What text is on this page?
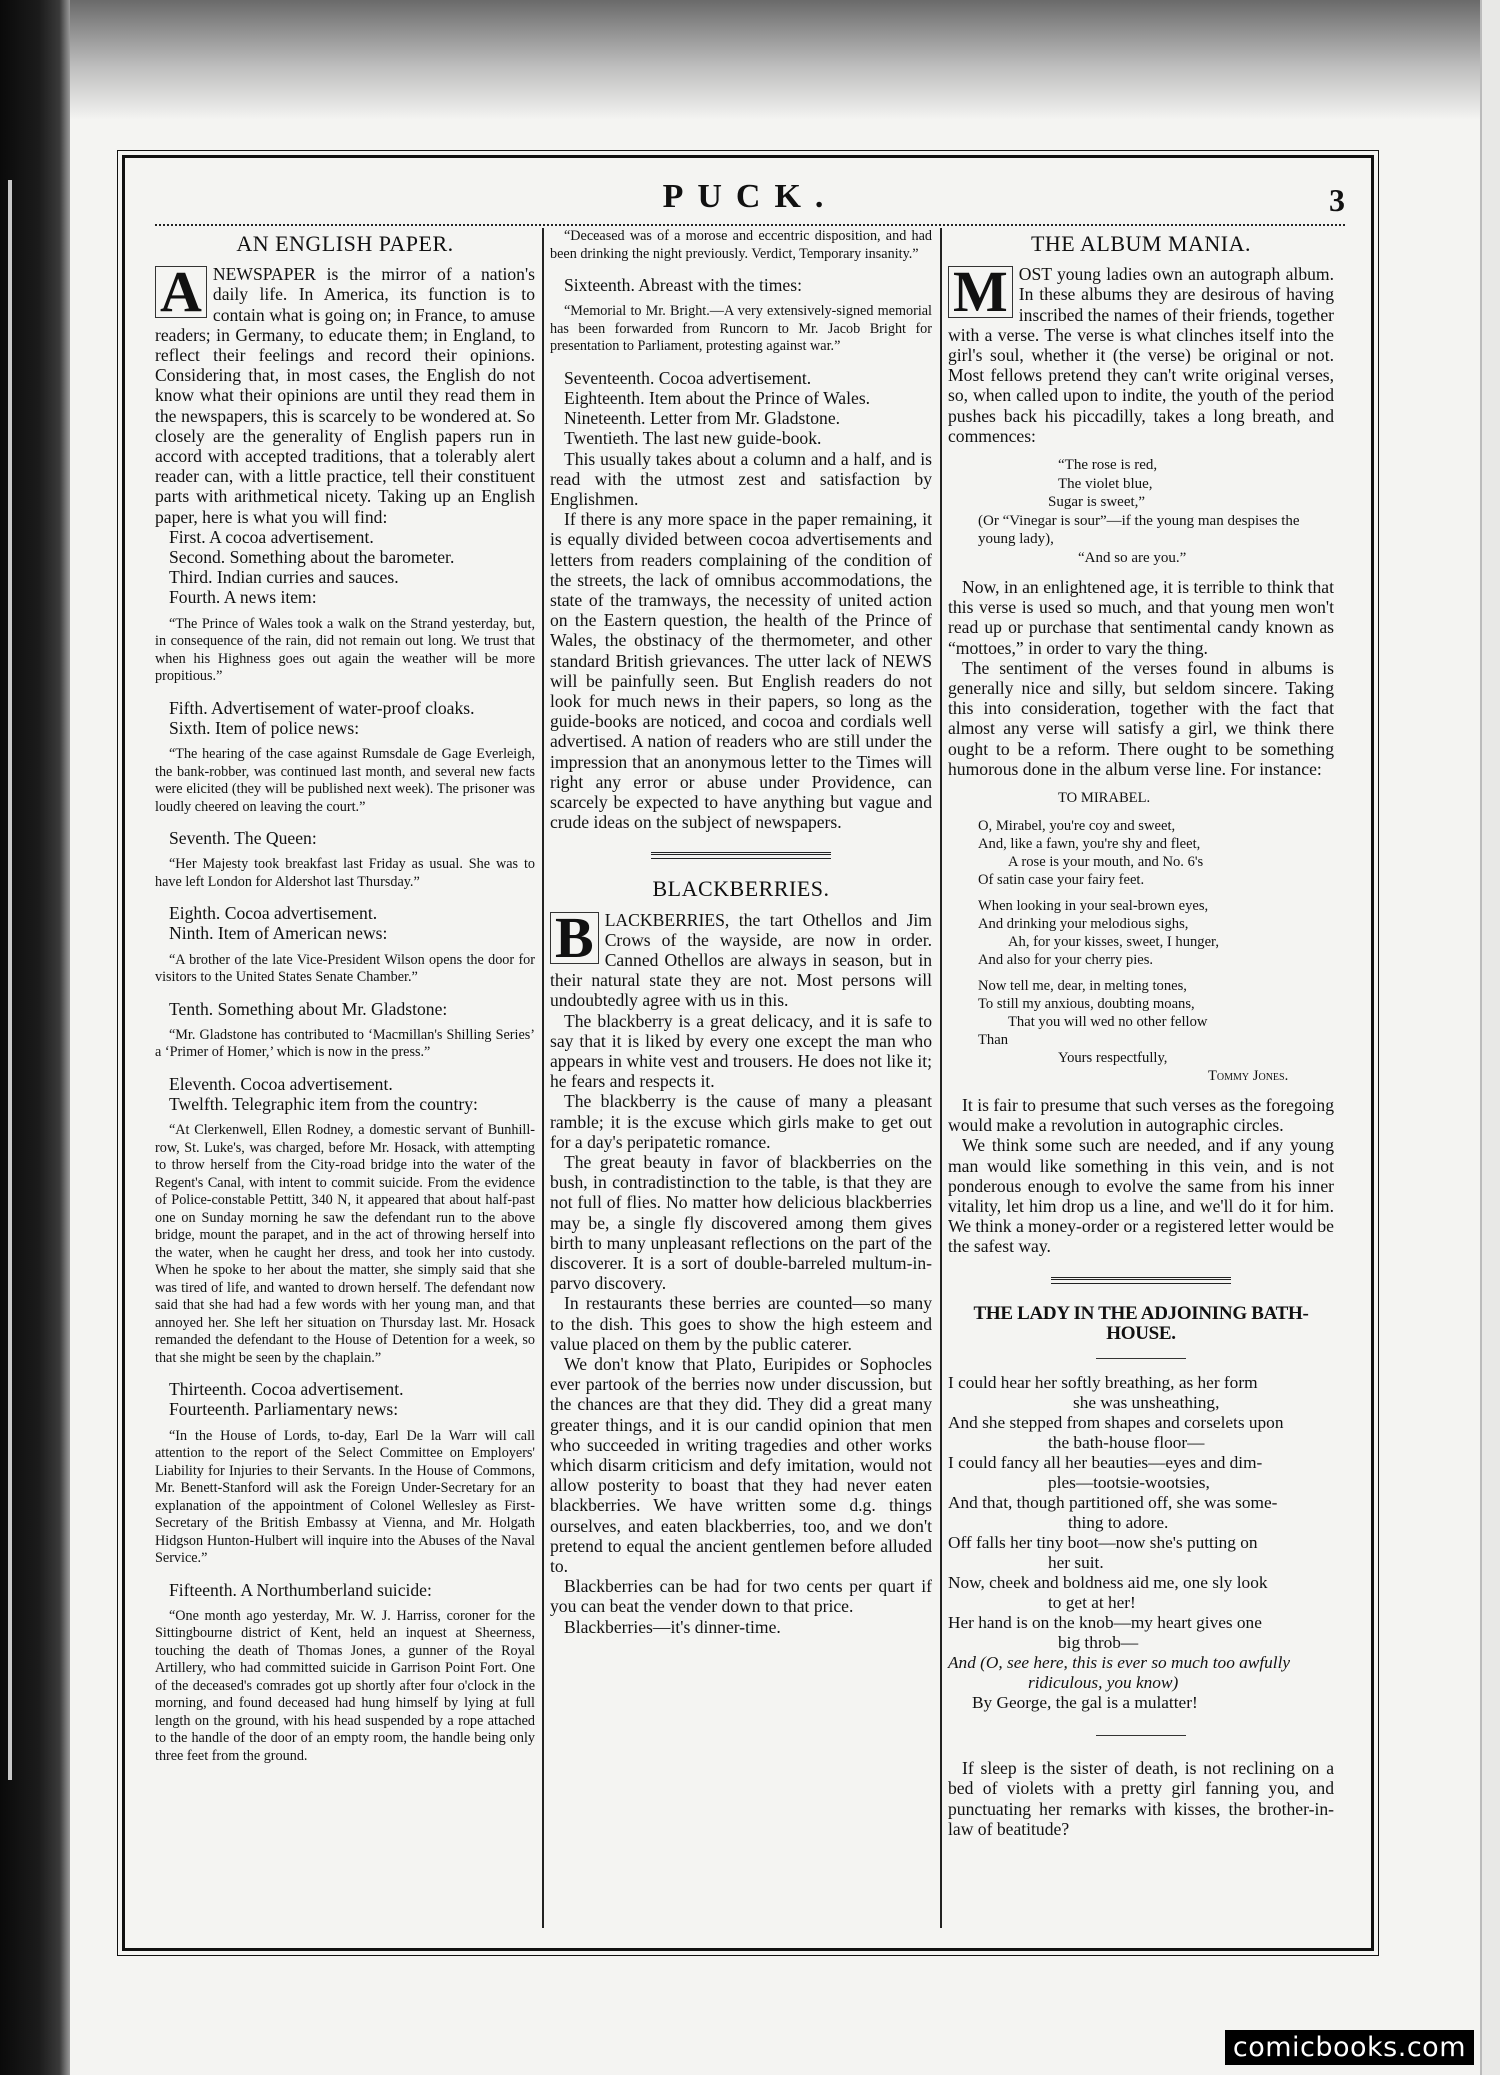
PUCK.	3
AN ENGLISH PAPER.

A NEWSPAPER is the mirror of a nation's daily life. In America, its function is to contain what is going on; in France, to amuse readers; in Germany, to educate them; in England, to reflect their feelings and record their opinions. Considering that, in most cases, the English do not know what their opinions are until they read them in the newspapers, this is scarcely to be wondered at. So closely are the generality of English papers run in accord with accepted traditions, that a tolerably alert reader can, with a little practice, tell their constituent parts with arithmetical nicety. Taking up an English paper, here is what you will find:

First. A cocoa advertisement.

Second. Something about the barometer.

Third. Indian curries and sauces.

Fourth. A news item:

“The Prince of Wales took a walk on the Strand yesterday, but, in consequence of the rain, did not remain out long. We trust that when his Highness goes out again the weather will be more propitious.”

Fifth. Advertisement of water-proof cloaks.

Sixth. Item of police news:

“The hearing of the case against Rumsdale de Gage Everleigh, the bank-robber, was continued last month, and several new facts were elicited (they will be published next week). The prisoner was loudly cheered on leaving the court.”

Seventh. The Queen:

“Her Majesty took breakfast last Friday as usual. She was to have left London for Aldershot last Thursday.”

Eighth. Cocoa advertisement.

Ninth. Item of American news:

“A brother of the late Vice-President Wilson opens the door for visitors to the United States Senate Chamber.”

Tenth. Something about Mr. Gladstone:

“Mr. Gladstone has contributed to ‘Macmillan's Shilling Series’ a ‘Primer of Homer,’ which is now in the press.”

Eleventh. Cocoa advertisement.

Twelfth. Telegraphic item from the country:

“At Clerkenwell, Ellen Rodney, a domestic servant of Bunhill-row, St. Luke's, was charged, before Mr. Hosack, with attempting to throw herself from the City-road bridge into the water of the Regent's Canal, with intent to commit suicide. From the evidence of Police-constable Pettitt, 340 N, it appeared that about half-past one on Sunday morning he saw the defendant run to the above bridge, mount the parapet, and in the act of throwing herself into the water, when he caught her dress, and took her into custody. When he spoke to her about the matter, she simply said that she was tired of life, and wanted to drown herself. The defendant now said that she had had a few words with her young man, and that annoyed her. She left her situation on Thursday last. Mr. Hosack remanded the defendant to the House of Detention for a week, so that she might be seen by the chaplain.”

Thirteenth. Cocoa advertisement.

Fourteenth. Parliamentary news:

“In the House of Lords, to-day, Earl De la Warr will call attention to the report of the Select Committee on Employers' Liability for Injuries to their Servants. In the House of Commons, Mr. Benett-Stanford will ask the Foreign Under-Secretary for an explanation of the appointment of Colonel Wellesley as First-Secretary of the British Embassy at Vienna, and Mr. Holgath Hidgson Hunton-Hulbert will inquire into the Abuses of the Naval Service.”

Fifteenth. A Northumberland suicide:

“One month ago yesterday, Mr. W. J. Harriss, coroner for the Sittingbourne district of Kent, held an inquest at Sheerness, touching the death of Thomas Jones, a gunner of the Royal Artillery, who had committed suicide in Garrison Point Fort. One of the deceased's comrades got up shortly after four o'clock in the morning, and found deceased had hung himself by lying at full length on the ground, with his head suspended by a rope attached to the handle of the door of an empty room, the handle being only three feet from the ground.

“Deceased was of a morose and eccentric disposition, and had been drinking the night previously. Verdict, Temporary insanity.”

Sixteenth. Abreast with the times:

“Memorial to Mr. Bright.—A very extensively-signed memorial has been forwarded from Runcorn to Mr. Jacob Bright for presentation to Parliament, protesting against war.”

Seventeenth. Cocoa advertisement.

Eighteenth. Item about the Prince of Wales.

Nineteenth. Letter from Mr. Gladstone.

Twentieth. The last new guide-book.

This usually takes about a column and a half, and is read with the utmost zest and satisfaction by Englishmen.

If there is any more space in the paper remaining, it is equally divided between cocoa advertisements and letters from readers complaining of the condition of the streets, the lack of omnibus accommodations, the state of the tramways, the necessity of united action on the Eastern question, the health of the Prince of Wales, the obstinacy of the thermometer, and other standard British grievances. The utter lack of NEWS will be painfully seen. But English readers do not look for much news in their papers, so long as the guide-books are noticed, and cocoa and cordials well advertised. A nation of readers who are still under the impression that an anonymous letter to the Times will right any error or abuse under Providence, can scarcely be expected to have anything but vague and crude ideas on the subject of newspapers.

BLACKBERRIES.

B LACKBERRIES, the tart Othellos and Jim Crows of the wayside, are now in order. Canned Othellos are always in season, but in their natural state they are not. Most persons will undoubtedly agree with us in this.

The blackberry is a great delicacy, and it is safe to say that it is liked by every one except the man who appears in white vest and trousers. He does not like it; he fears and respects it.

The blackberry is the cause of many a pleasant ramble; it is the excuse which girls make to get out for a day's peripatetic romance.

The great beauty in favor of blackberries on the bush, in contradistinction to the table, is that they are not full of flies. No matter how delicious blackberries may be, a single fly discovered among them gives birth to many unpleasant reflections on the part of the discoverer. It is a sort of double-barreled multum-in-parvo discovery.

In restaurants these berries are counted—so many to the dish. This goes to show the high esteem and value placed on them by the public caterer.

We don't know that Plato, Euripides or Sophocles ever partook of the berries now under discussion, but the chances are that they did. They did a great many greater things, and it is our candid opinion that men who succeeded in writing tragedies and other works which disarm criticism and defy imitation, would not allow posterity to boast that they had never eaten blackberries. We have written some d.g. things ourselves, and eaten blackberries, too, and we don't pretend to equal the ancient gentlemen before alluded to.

Blackberries can be had for two cents per quart if you can beat the vender down to that price.

Blackberries—it's dinner-time.

THE ALBUM MANIA.

M OST young ladies own an autograph album. In these albums they are desirous of having inscribed the names of their friends, together with a verse. The verse is what clinches itself into the girl's soul, whether it (the verse) be original or not. Most fellows pretend they can't write original verses, so, when called upon to indite, the youth of the period pushes back his piccadilly, takes a long breath, and commences:

“The rose is red,
The violet blue,
Sugar is sweet,”
(Or “Vinegar is sour”—if the young man despises the young lady),
“And so are you.”

Now, in an enlightened age, it is terrible to think that this verse is used so much, and that young men won't read up or purchase that sentimental candy known as “mottoes,” in order to vary the thing.

The sentiment of the verses found in albums is generally nice and silly, but seldom sincere. Taking this into consideration, together with the fact that almost any verse will satisfy a girl, we think there ought to be a reform. There ought to be something humorous done in the album verse line. For instance:

TO MIRABEL.
O, Mirabel, you're coy and sweet,
And, like a fawn, you're shy and fleet,
A rose is your mouth, and No. 6's
Of satin case your fairy feet.
When looking in your seal-brown eyes,
And drinking your melodious sighs,
Ah, for your kisses, sweet, I hunger,
And also for your cherry pies.
Now tell me, dear, in melting tones,
To still my anxious, doubting moans,
That you will wed no other fellow
Than
Yours respectfully,
Tommy Jones.

It is fair to presume that such verses as the foregoing would make a revolution in autographic circles.

We think some such are needed, and if any young man would like something in this vein, and is not ponderous enough to evolve the same from his inner vitality, let him drop us a line, and we'll do it for him. We think a money-order or a registered letter would be the safest way.

THE LADY IN THE ADJOINING BATH-HOUSE.
I could hear her softly breathing, as her form
she was unsheathing,
And she stepped from shapes and corselets upon
the bath-house floor—
I could fancy all her beauties—eyes and dim-
ples—tootsie-wootsies,
And that, though partitioned off, she was some-
thing to adore.
Off falls her tiny boot—now she's putting on
her suit.
Now, cheek and boldness aid me, one sly look
to get at her!
Her hand is on the knob—my heart gives one
big throb—
And (O, see here, this is ever so much too awfully
ridiculous, you know)
By George, the gal is a mulatter!

If sleep is the sister of death, is not reclining on a bed of violets with a pretty girl fanning you, and punctuating her remarks with kisses, the brother-in-law of beatitude?

comicbooks.com
